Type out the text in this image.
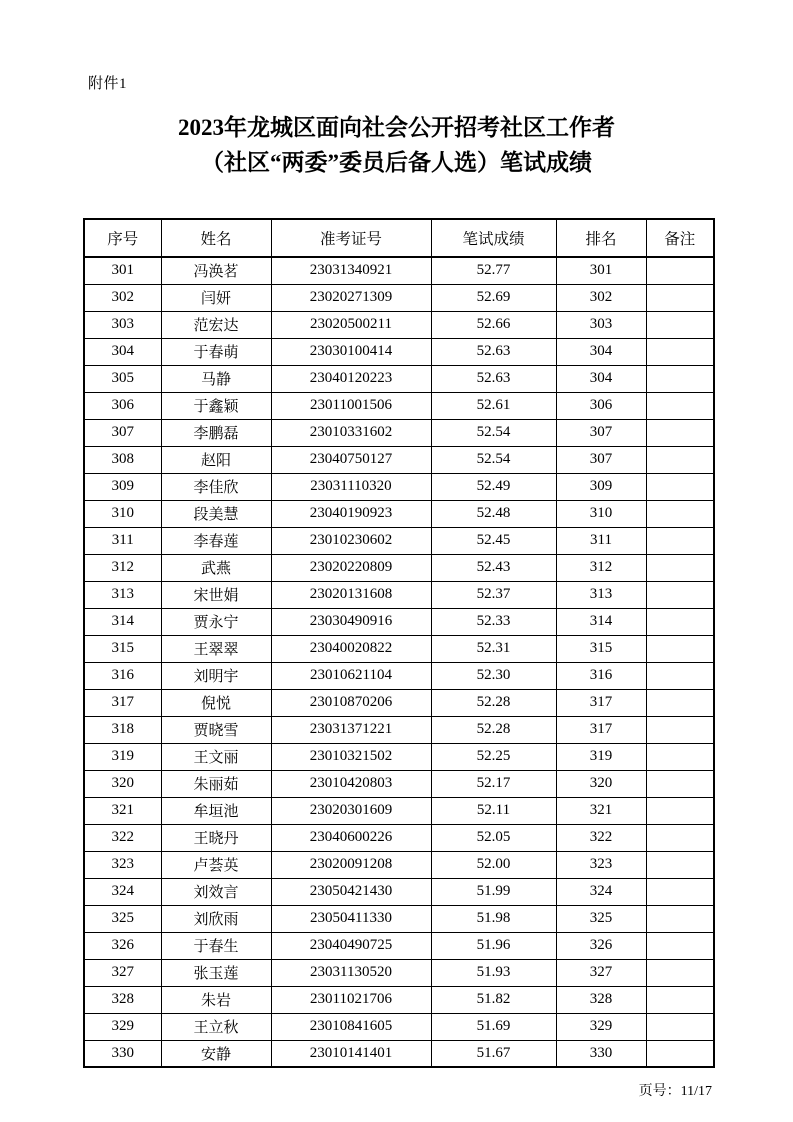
附件1
2023年龙城区面向社会公开招考社区工作者
（社区“两委”委员后备人选）笔试成绩
序号	姓名	准考证号	笔试成绩	排名	备注
301	冯涣茗	23031340921	52.77	301	
302	闫妍	23020271309	52.69	302	
303	范宏达	23020500211	52.66	303	
304	于春萌	23030100414	52.63	304	
305	马静	23040120223	52.63	304	
306	于鑫颖	23011001506	52.61	306	
307	李鹏磊	23010331602	52.54	307	
308	赵阳	23040750127	52.54	307	
309	李佳欣	23031110320	52.49	309	
310	段美慧	23040190923	52.48	310	
311	李春莲	23010230602	52.45	311	
312	武燕	23020220809	52.43	312	
313	宋世娟	23020131608	52.37	313	
314	贾永宁	23030490916	52.33	314	
315	王翠翠	23040020822	52.31	315	
316	刘明宇	23010621104	52.30	316	
317	倪悦	23010870206	52.28	317	
318	贾晓雪	23031371221	52.28	317	
319	王文丽	23010321502	52.25	319	
320	朱丽茹	23010420803	52.17	320	
321	牟垣池	23020301609	52.11	321	
322	王晓丹	23040600226	52.05	322	
323	卢荟英	23020091208	52.00	323	
324	刘效言	23050421430	51.99	324	
325	刘欣雨	23050411330	51.98	325	
326	于春生	23040490725	51.96	326	
327	张玉莲	23031130520	51.93	327	
328	朱岩	23011021706	51.82	328	
329	王立秋	23010841605	51.69	329	
330	安静	23010141401	51.67	330	
页号：11/17
